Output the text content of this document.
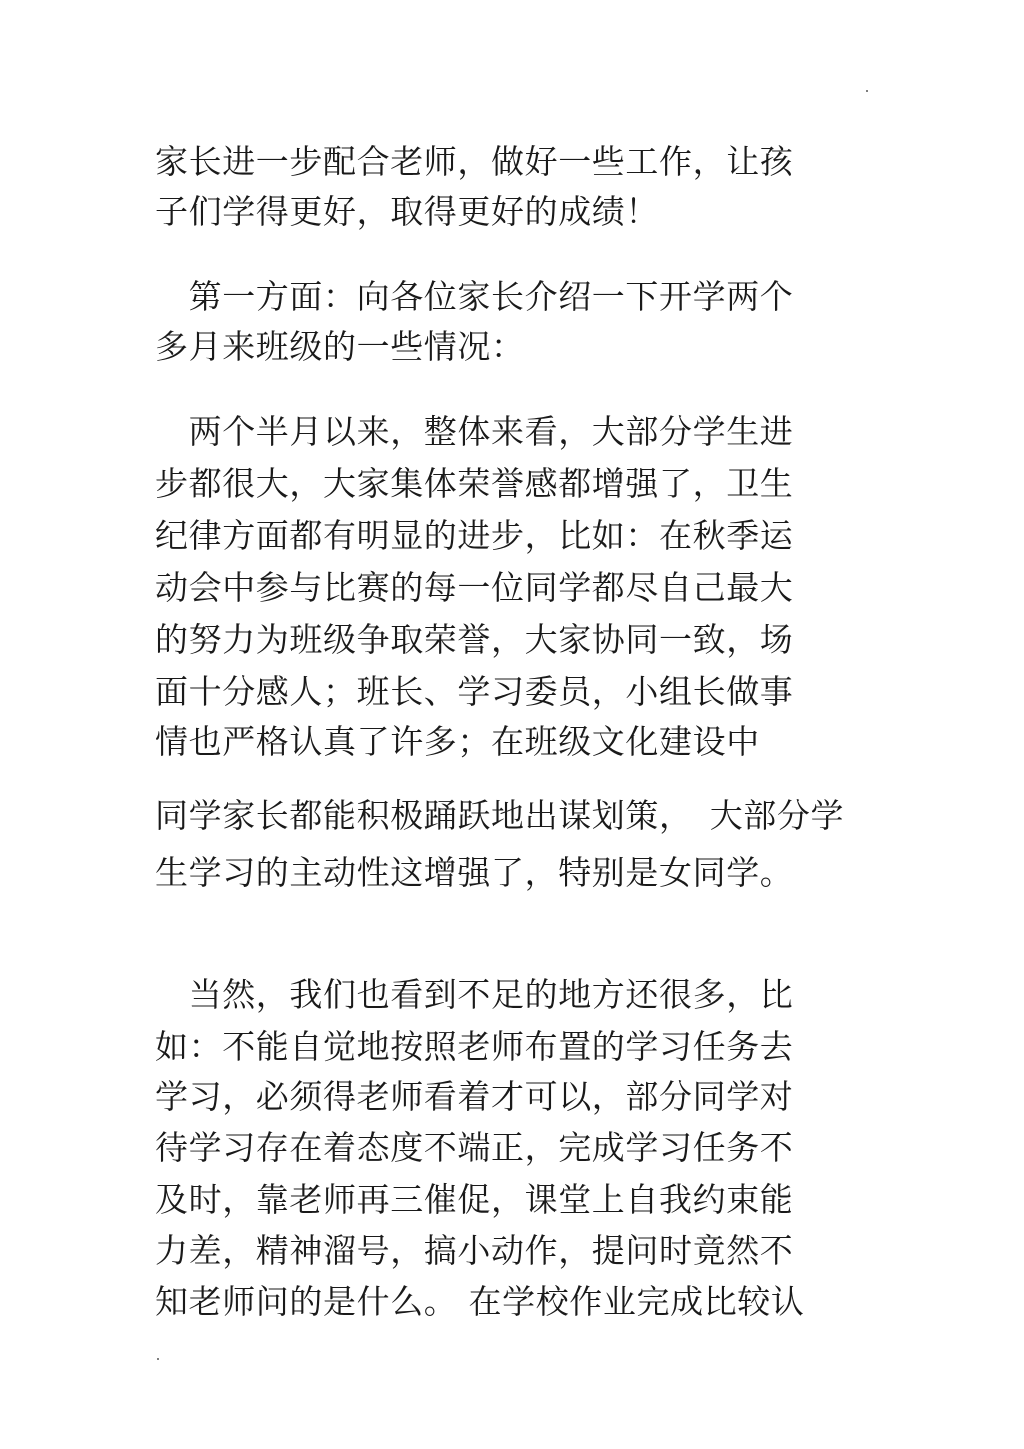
家长进一步配合老师，做好一些工作，让孩
子们学得更好，取得更好的成绩！
　第一方面：向各位家长介绍一下开学两个
多月来班级的一些情况：
　两个半月以来，整体来看，大部分学生进
步都很大，大家集体荣誉感都增强了，卫生
纪律方面都有明显的进步，比如：在秋季运
动会中参与比赛的每一位同学都尽自己最大
的努力为班级争取荣誉，大家协同一致，场
面十分感人；班长、学习委员，小组长做事
情也严格认真了许多；在班级文化建设中
同学家长都能积极踊跃地出谋划策，　大部分学
生学习的主动性这增强了，特别是女同学。
　当然，我们也看到不足的地方还很多，比
如：不能自觉地按照老师布置的学习任务去
学习，必须得老师看着才可以，部分同学对
待学习存在着态度不端正，完成学习任务不
及时，靠老师再三催促，课堂上自我约束能
力差，精神溜号，搞小动作，提问时竟然不
知老师问的是什么。 在学校作业完成比较认
